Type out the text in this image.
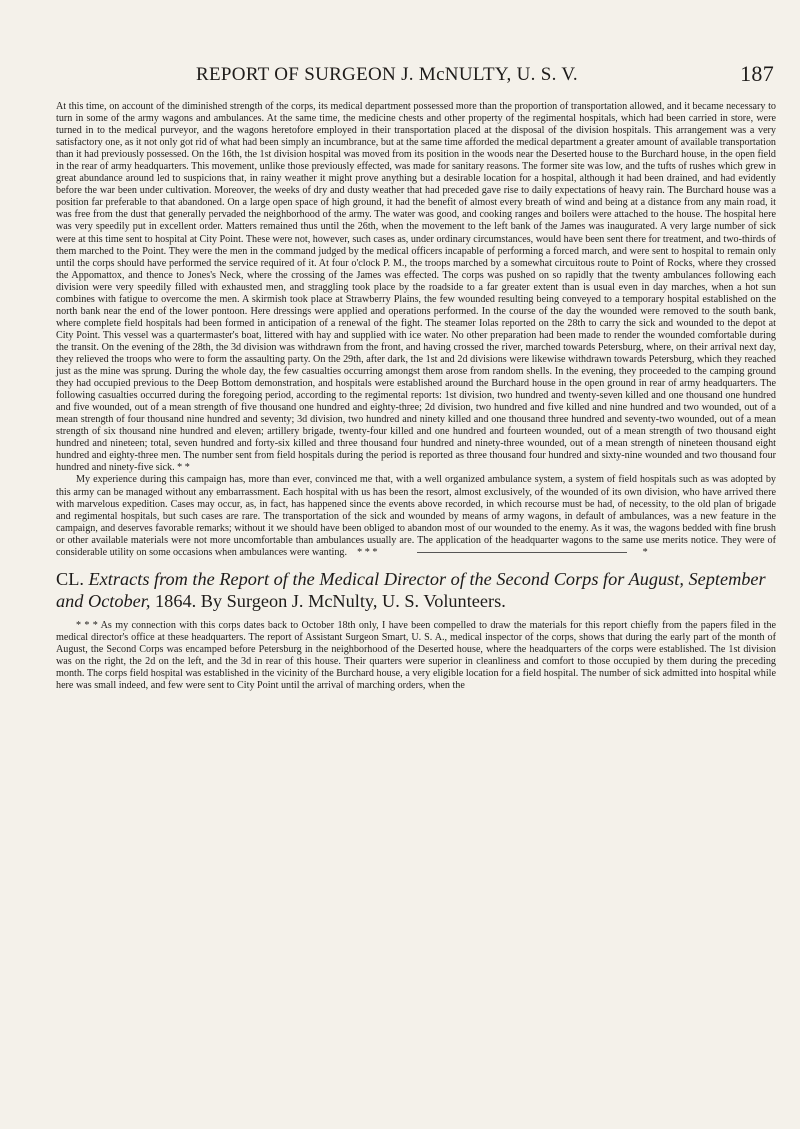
REPORT OF SURGEON J. McNULTY, U. S. V.	187

At this time, on account of the diminished strength of the corps, its medical department possessed more than the proportion of transportation allowed, and it became necessary to turn in some of the army wagons and ambulances. At the same time, the medicine chests and other property of the regimental hospitals, which had been carried in store, were turned in to the medical purveyor, and the wagons heretofore employed in their transportation placed at the disposal of the division hospitals. This arrangement was a very satisfactory one, as it not only got rid of what had been simply an incumbrance, but at the same time afforded the medical department a greater amount of available transportation than it had previously possessed. On the 16th, the 1st division hospital was moved from its position in the woods near the Deserted house to the Burchard house, in the open field in the rear of army headquarters. This movement, unlike those previously effected, was made for sanitary reasons. The former site was low, and the tufts of rushes which grew in great abundance around led to suspicions that, in rainy weather it might prove anything but a desirable location for a hospital, although it had been drained, and had evidently before the war been under cultivation. Moreover, the weeks of dry and dusty weather that had preceded gave rise to daily expectations of heavy rain. The Burchard house was a position far preferable to that abandoned. On a large open space of high ground, it had the benefit of almost every breath of wind and being at a distance from any main road, it was free from the dust that generally pervaded the neighborhood of the army. The water was good, and cooking ranges and boilers were attached to the house. The hospital here was very speedily put in excellent order. Matters remained thus until the 26th, when the movement to the left bank of the James was inaugurated. A very large number of sick were at this time sent to hospital at City Point. These were not, however, such cases as, under ordinary circumstances, would have been sent there for treatment, and two-thirds of them marched to the Point. They were the men in the command judged by the medical officers incapable of performing a forced march, and were sent to hospital to remain only until the corps should have performed the service required of it. At four o'clock P. M., the troops marched by a somewhat circuitous route to Point of Rocks, where they crossed the Appomattox, and thence to Jones's Neck, where the crossing of the James was effected. The corps was pushed on so rapidly that the twenty ambulances following each division were very speedily filled with exhausted men, and straggling took place by the roadside to a far greater extent than is usual even in day marches, when a hot sun combines with fatigue to overcome the men. A skirmish took place at Strawberry Plains, the few wounded resulting being conveyed to a temporary hospital established on the north bank near the end of the lower pontoon. Here dressings were applied and operations performed. In the course of the day the wounded were removed to the south bank, where complete field hospitals had been formed in anticipation of a renewal of the fight. The steamer Iolas reported on the 28th to carry the sick and wounded to the depot at City Point. This vessel was a quartermaster's boat, littered with hay and supplied with ice water. No other preparation had been made to render the wounded comfortable during the transit. On the evening of the 28th, the 3d division was withdrawn from the front, and having crossed the river, marched towards Petersburg, where, on their arrival next day, they relieved the troops who were to form the assaulting party. On the 29th, after dark, the 1st and 2d divisions were likewise withdrawn towards Petersburg, which they reached just as the mine was sprung. During the whole day, the few casualties occurring amongst them arose from random shells. In the evening, they proceeded to the camping ground they had occupied previous to the Deep Bottom demonstration, and hospitals were established around the Burchard house in the open ground in rear of army headquarters. The following casualties occurred during the foregoing period, according to the regimental reports: 1st division, two hundred and twenty-seven killed and one thousand one hundred and five wounded, out of a mean strength of five thousand one hundred and eighty-three; 2d division, two hundred and five killed and nine hundred and two wounded, out of a mean strength of four thousand nine hundred and seventy; 3d division, two hundred and ninety killed and one thousand three hundred and seventy-two wounded, out of a mean strength of six thousand nine hundred and eleven; artillery brigade, twenty-four killed and one hundred and fourteen wounded, out of a mean strength of two thousand eight hundred and nineteen; total, seven hundred and forty-six killed and three thousand four hundred and ninety-three wounded, out of a mean strength of nineteen thousand eight hundred and eighty-three men. The number sent from field hospitals during the period is reported as three thousand four hundred and sixty-nine wounded and two thousand four hundred and ninety-five sick. * *

My experience during this campaign has, more than ever, convinced me that, with a well organized ambulance system, a system of field hospitals such as was adopted by this army can be managed without any embarrassment. Each hospital with us has been the resort, almost exclusively, of the wounded of its own division, who have arrived there with marvelous expedition. Cases may occur, as, in fact, has happened since the events above recorded, in which recourse must be had, of necessity, to the old plan of brigade and regimental hospitals, but such cases are rare. The transportation of the sick and wounded by means of army wagons, in default of ambulances, was a new feature in the campaign, and deserves favorable remarks; without it we should have been obliged to abandon most of our wounded to the enemy. As it was, the wagons bedded with fine brush or other available materials were not more uncomfortable than ambulances usually are. The application of the headquarter wagons to the same use merits notice. They were of considerable utility on some occasions when ambulances were wanting. * * *	*

CL. Extracts from the Report of the Medical Director of the Second Corps for August, September and October, 1864. By Surgeon J. McNulty, U. S. Volunteers.

* * * As my connection with this corps dates back to October 18th only, I have been compelled to draw the materials for this report chiefly from the papers filed in the medical director's office at these headquarters. The report of Assistant Surgeon Smart, U. S. A., medical inspector of the corps, shows that during the early part of the month of August, the Second Corps was encamped before Petersburg in the neighborhood of the Deserted house, where the headquarters of the corps were established. The 1st division was on the right, the 2d on the left, and the 3d in rear of this house. Their quarters were superior in cleanliness and comfort to those occupied by them during the preceding month. The corps field hospital was established in the vicinity of the Burchard house, a very eligible location for a field hospital. The number of sick admitted into hospital while here was small indeed, and few were sent to City Point until the arrival of marching orders, when the
